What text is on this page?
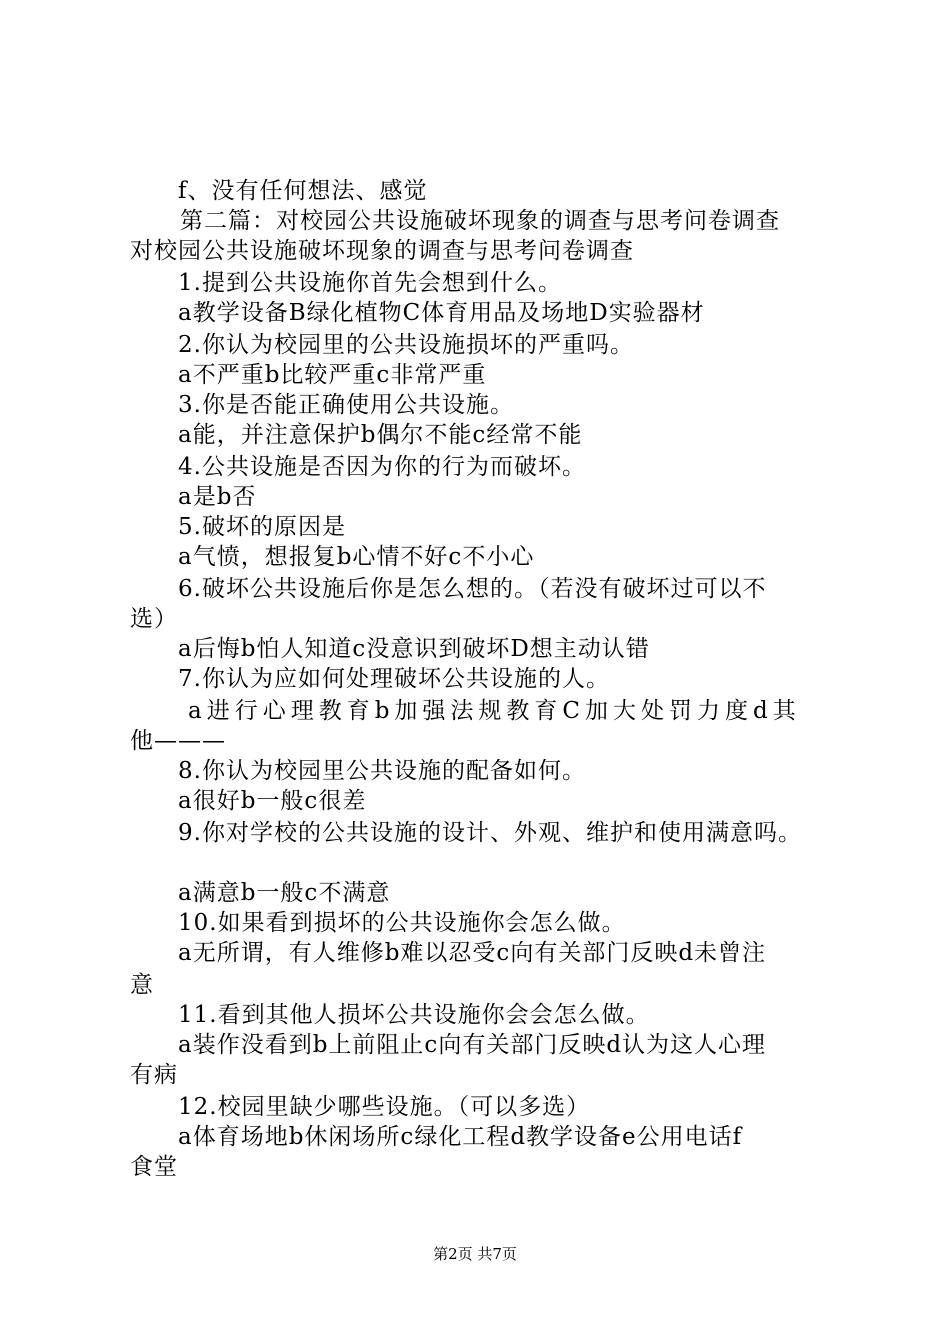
f、没有任何想法、感觉
第二篇：对校园公共设施破坏现象的调查与思考问卷调查
对校园公共设施破坏现象的调查与思考问卷调查
1.提到公共设施你首先会想到什么。
a教学设备B绿化植物C体育用品及场地D实验器材
2.你认为校园里的公共设施损坏的严重吗。
a不严重b比较严重c非常严重
3.你是否能正确使用公共设施。
a能，并注意保护b偶尔不能c经常不能
4.公共设施是否因为你的行为而破坏。
a是b否
5.破坏的原因是
a气愤，想报复b心情不好c不小心
6.破坏公共设施后你是怎么想的。（若没有破坏过可以不
选）
a后悔b怕人知道c没意识到破坏D想主动认错
7.你认为应如何处理破坏公共设施的人。
a进行心理教育b加强法规教育C加大处罚力度d其
他———
8.你认为校园里公共设施的配备如何。
a很好b一般c很差
9.你对学校的公共设施的设计、外观、维护和使用满意吗。
a满意b一般c不满意
10.如果看到损坏的公共设施你会怎么做。
a无所谓，有人维修b难以忍受c向有关部门反映d未曾注
意
11.看到其他人损坏公共设施你会会怎么做。
a装作没看到b上前阻止c向有关部门反映d认为这人心理
有病
12.校园里缺少哪些设施。（可以多选）
a体育场地b休闲场所c绿化工程d教学设备e公用电话f
食堂
第2页 共7页
